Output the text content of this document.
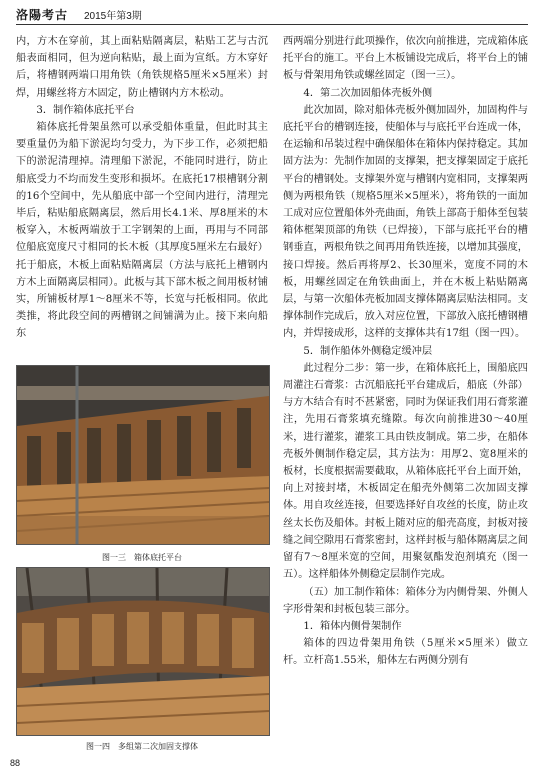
洛陽考古 2015年第3期

内，方木在穿前，其上面粘贴隔离层，粘贴工艺与古沉船表面相同，但为逆向粘贴，最上面为宣纸。方木穿好后，将槽钢两端口用角铁（角铁规格5厘米×5厘米）封焊，用螺丝将方木固定，防止槽钢内方木松动。

3．制作箱体底托平台

箱体底托骨架虽然可以承受船体重量，但此时其主要重量仍为船下淤泥均匀受力，为下步工作，必须把船下的淤泥清理掉。清理船下淤泥，不能同时进行，防止船底受力不均而发生变形和损坏。在底托17根槽钢分割的16个空间中，先从船底中部一个空间内进行，清理完毕后，粘贴船底隔离层，然后用长4.1米、厚8厘米的木板穿入，木板两端放于工字钢架的上面，再用与不同部位船底宽度尺寸相同的长木板（其厚度5厘米左右最好）托于船底，木板上面粘贴隔离层（方法与底托上槽钢内方木上面隔离层相同）。此板与其下部木板之间用板材铺实，所铺板材厚1～8厘米不等，长宽与托板相同。依此类推，将此段空间的两槽钢之间铺满为止。接下来向船东

图一三　箱体底托平台
图一四　多组第二次加固支撑体

西两端分别进行此项操作，依次向前推进，完成箱体底托平台的施工。平台上木板铺设完成后，将平台上的铺板与骨架用角铁或螺丝固定（图一三）。

4．第二次加固船体壳板外侧

此次加固，除对船体壳板外侧加固外，加固构件与底托平台的槽钢连接，使船体与与底托平台连成一体，在运输和吊装过程中确保船体在箱体内保持稳定。其加固方法为：先制作加固的支撑架，把支撑架固定于底托平台的槽钢处。支撑架外宽与槽钢内宽相同，支撑架两侧为两根角铁（规格5厘米×5厘米），将角铁的一面加工成对应位置船体外壳曲面，角铁上部高于船体至包装箱体框架顶部的角铁（已焊接），下部与底托平台的槽钢垂直，两根角铁之间再用角铁连接，以增加其强度，接口焊接。然后再将厚2、长30厘米，宽度不同的木板，用螺丝固定在角铁曲面上，并在木板上粘贴隔离层，与第一次船体壳板加固支撑体隔离层贴法相同。支撑体制作完成后，放入对应位置，下部放入底托槽钢槽内，并焊接成形，这样的支撑体共有17组（图一四）。

5．制作船体外侧稳定缓冲层

此过程分二步：第一步，在箱体底托上，围船底四周灌注石膏浆：古沉船底托平台建成后，船底（外部）与方木结合有时不甚紧密，同时为保证我们用石膏浆灌注，先用石膏浆填充缝隙。每次向前推进30～40厘米，进行灌浆，灌浆工具由铁皮制成。第二步，在船体壳板外侧制作稳定层，其方法为：用厚2、宽8厘米的板材，长度根据需要截取，从箱体底托平台上面开始，向上对接封堵，木板固定在船壳外侧第二次加固支撑体。用自攻丝连接，但要选择好自攻丝的长度，防止攻丝太长伤及船体。封板上随对应的船壳高度，封板对接缝之间空隙用石膏浆密封，这样封板与船体隔离层之间留有7～8厘米宽的空间，用聚氨酯发泡剂填充（图一五）。这样船体外侧稳定层制作完成。

（五）加工制作箱体：箱体分为内侧骨架、外侧人字形骨架和封板包装三部分。

1．箱体内侧骨架制作

箱体的四边骨架用角铁（5厘米×5厘米）做立杆。立杆高1.55米，船体左右两侧分别有

88
